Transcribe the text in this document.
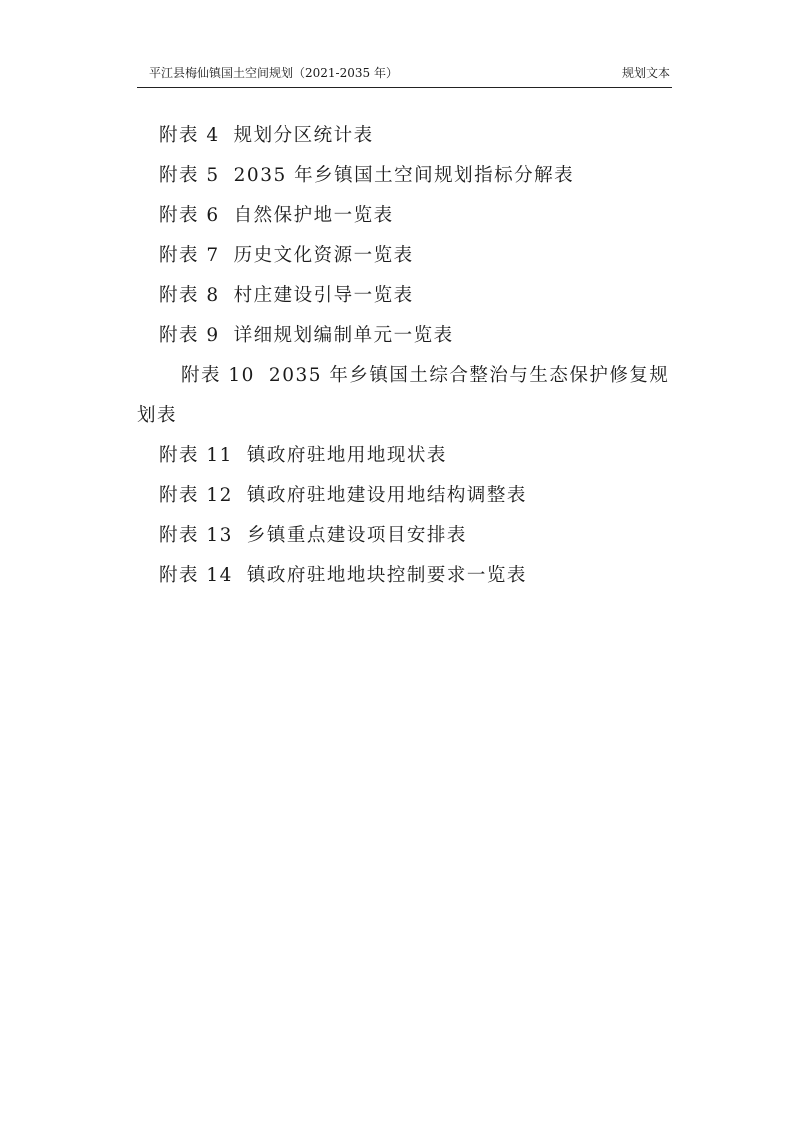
平江县梅仙镇国土空间规划（2021-2035 年）	规划文本
附表 4 规划分区统计表
附表 5 2035 年乡镇国土空间规划指标分解表
附表 6 自然保护地一览表
附表 7 历史文化资源一览表
附表 8 村庄建设引导一览表
附表 9 详细规划编制单元一览表
附表 10 2035 年乡镇国土综合整治与生态保护修复规划表
附表 11 镇政府驻地用地现状表
附表 12 镇政府驻地建设用地结构调整表
附表 13 乡镇重点建设项目安排表
附表 14 镇政府驻地地块控制要求一览表
